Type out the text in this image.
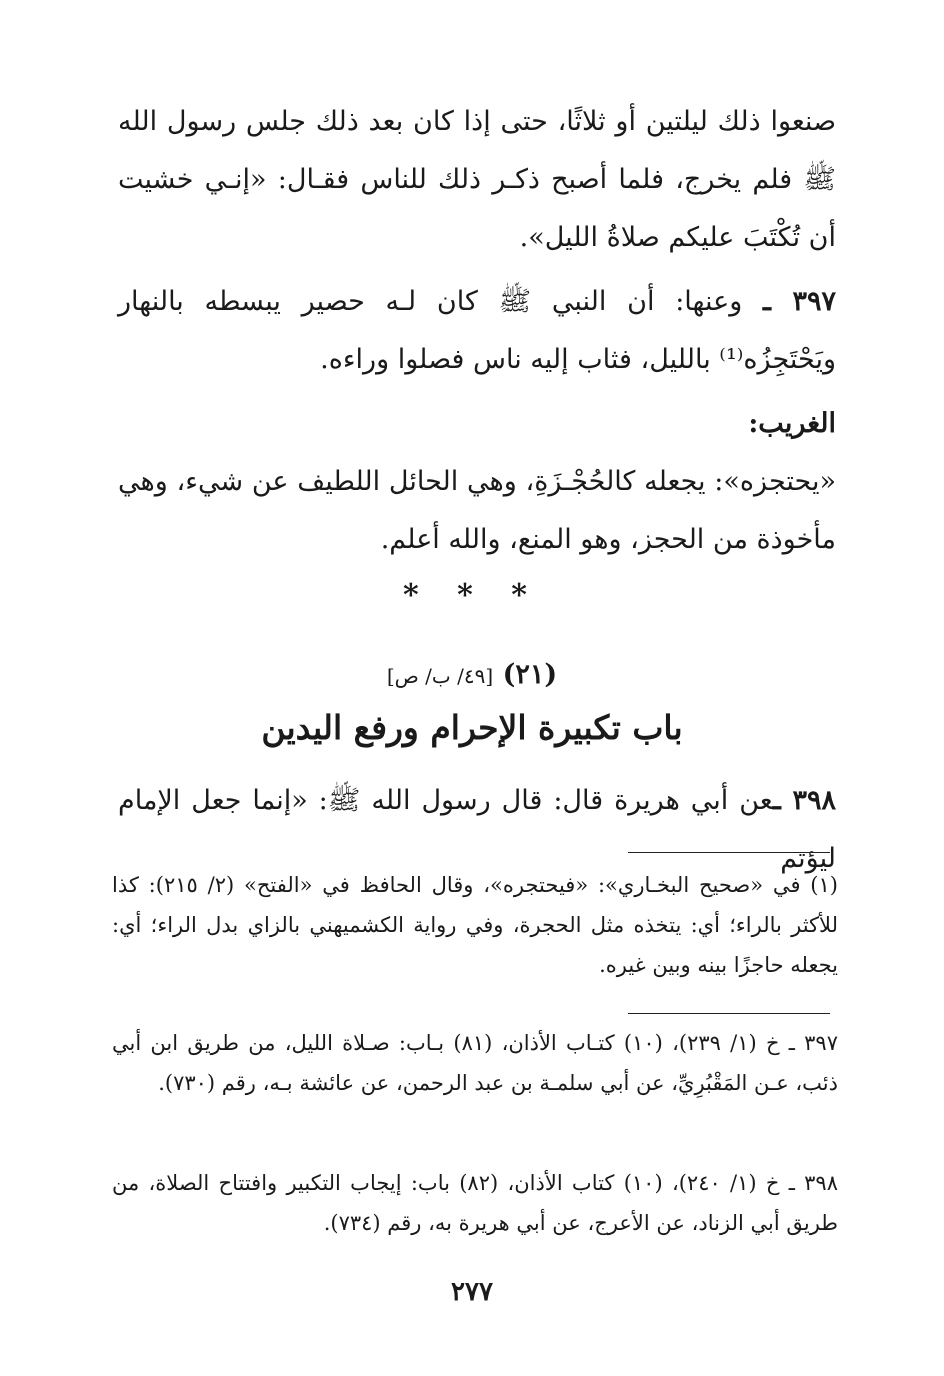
صنعوا ذلك ليلتين أو ثلاثًا، حتى إذا كان بعد ذلك جلس رسول الله ﷺ فلم يخرج، فلما أصبح ذكـر ذلك للناس فقـال: «إنـي خشيت أن تُكْتَبَ عليكم صلاةُ الليل».

٣٩٧ ـ وعنها: أن النبي ﷺ كان لـه حصير يبسطه بالنهار ويَحْتَجِزُه⁽¹⁾ بالليل، فثاب إليه ناس فصلوا وراءه.

الغريب:

«يحتجزه»: يجعله كالحُجْـزَةِ، وهي الحائل اللطيف عن شيء، وهي مأخوذة من الحجز، وهو المنع، والله أعلم.

* * *
(٢١) [٤٩/ ب/ ص]
باب تكبيرة الإحرام ورفع اليدين
٣٩٨ ـعن أبي هريرة قال: قال رسول الله ﷺ: «إنما جعل الإمام ليؤتم

(١) في «صحيح البخـاري»: «فيحتجره»، وقال الحافظ في «الفتح» (٢/ ٢١٥): كذا للأكثر بالراء؛ أي: يتخذه مثل الحجرة، وفي رواية الكشميهني بالزاي بدل الراء؛ أي: يجعله حاجزًا بينه وبين غيره.

٣٩٧ ـ خ (١/ ٢٣٩)، (١٠) كتـاب الأذان، (٨١) بـاب: صـلاة الليل، من طريق ابن أبي ذئب، عـن المَقْبُرِيِّ، عن أبي سلمـة بن عبد الرحمن، عن عائشة بـه، رقم (٧٣٠).

٣٩٨ ـ خ (١/ ٢٤٠)، (١٠) كتاب الأذان، (٨٢) باب: إيجاب التكبير وافتتاح الصلاة، من طريق أبي الزناد، عن الأعرج، عن أبي هريرة به، رقم (٧٣٤).

٢٧٧
